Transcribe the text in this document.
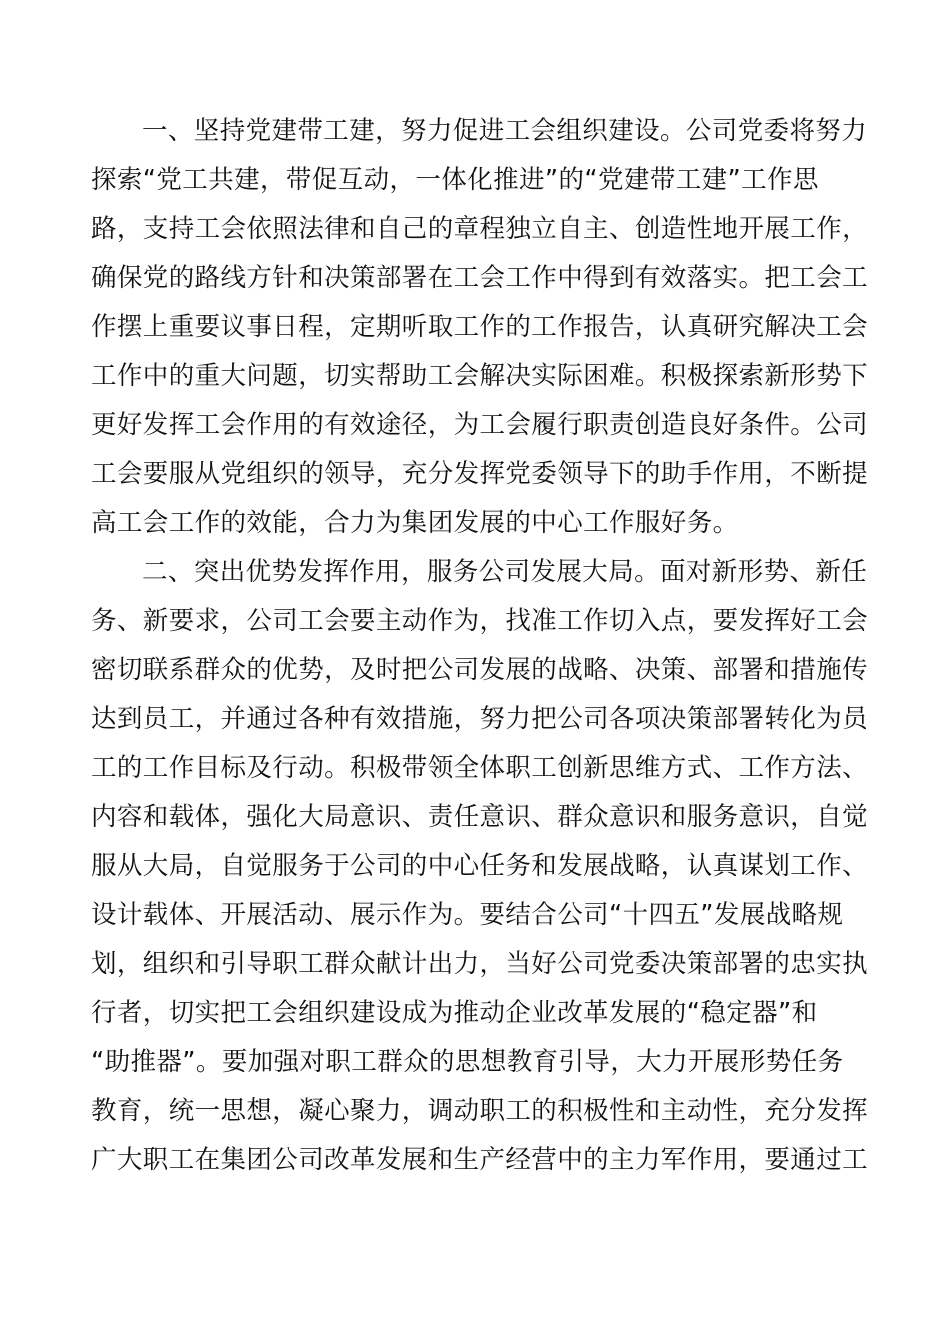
一、坚持党建带工建，努力促进工会组织建设。公司党委将努力
探索“党工共建，带促互动，一体化推进”的“党建带工建”工作思
路，支持工会依照法律和自己的章程独立自主、创造性地开展工作，
确保党的路线方针和决策部署在工会工作中得到有效落实。把工会工
作摆上重要议事日程，定期听取工作的工作报告，认真研究解决工会
工作中的重大问题，切实帮助工会解决实际困难。积极探索新形势下
更好发挥工会作用的有效途径，为工会履行职责创造良好条件。公司
工会要服从党组织的领导，充分发挥党委领导下的助手作用，不断提
高工会工作的效能，合力为集团发展的中心工作服好务。
二、突出优势发挥作用，服务公司发展大局。面对新形势、新任
务、新要求，公司工会要主动作为，找准工作切入点，要发挥好工会
密切联系群众的优势，及时把公司发展的战略、决策、部署和措施传
达到员工，并通过各种有效措施，努力把公司各项决策部署转化为员
工的工作目标及行动。积极带领全体职工创新思维方式、工作方法、
内容和载体，强化大局意识、责任意识、群众意识和服务意识，自觉
服从大局，自觉服务于公司的中心任务和发展战略，认真谋划工作、
设计载体、开展活动、展示作为。要结合公司“十四五”发展战略规
划，组织和引导职工群众献计出力，当好公司党委决策部署的忠实执
行者，切实把工会组织建设成为推动企业改革发展的“稳定器”和
“助推器”。要加强对职工群众的思想教育引导，大力开展形势任务
教育，统一思想，凝心聚力，调动职工的积极性和主动性，充分发挥
广大职工在集团公司改革发展和生产经营中的主力军作用，要通过工
